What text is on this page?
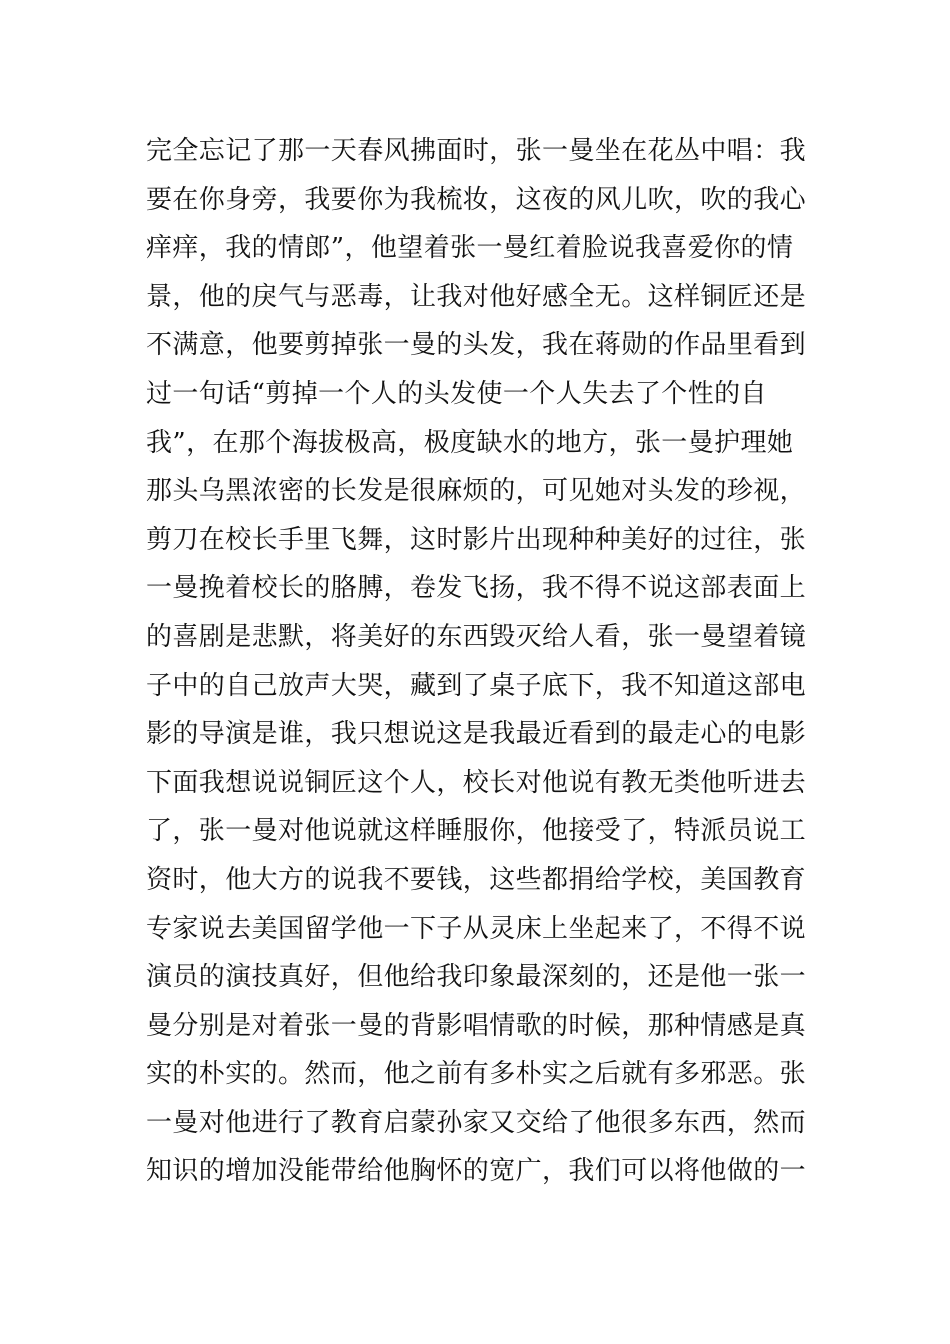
完全忘记了那一天春风拂面时，张一曼坐在花丛中唱：我
要在你身旁，我要你为我梳妆，这夜的风儿吹，吹的我心
痒痒，我的情郎”，他望着张一曼红着脸说我喜爱你的情
景，他的戾气与恶毒，让我对他好感全无。这样铜匠还是
不满意，他要剪掉张一曼的头发，我在蒋勋的作品里看到
过一句话“剪掉一个人的头发使一个人失去了个性的自
我”，在那个海拔极高，极度缺水的地方，张一曼护理她
那头乌黑浓密的长发是很麻烦的，可见她对头发的珍视，
剪刀在校长手里飞舞，这时影片出现种种美好的过往，张
一曼挽着校长的胳膊，卷发飞扬，我不得不说这部表面上
的喜剧是悲默，将美好的东西毁灭给人看，张一曼望着镜
子中的自己放声大哭，藏到了桌子底下，我不知道这部电
影的导演是谁，我只想说这是我最近看到的最走心的电影
下面我想说说铜匠这个人，校长对他说有教无类他听进去
了，张一曼对他说就这样睡服你，他接受了，特派员说工
资时，他大方的说我不要钱，这些都捐给学校，美国教育
专家说去美国留学他一下子从灵床上坐起来了，不得不说
演员的演技真好，但他给我印象最深刻的，还是他一张一
曼分别是对着张一曼的背影唱情歌的时候，那种情感是真
实的朴实的。然而，他之前有多朴实之后就有多邪恶。张
一曼对他进行了教育启蒙孙家又交给了他很多东西，然而
知识的增加没能带给他胸怀的宽广，我们可以将他做的一
